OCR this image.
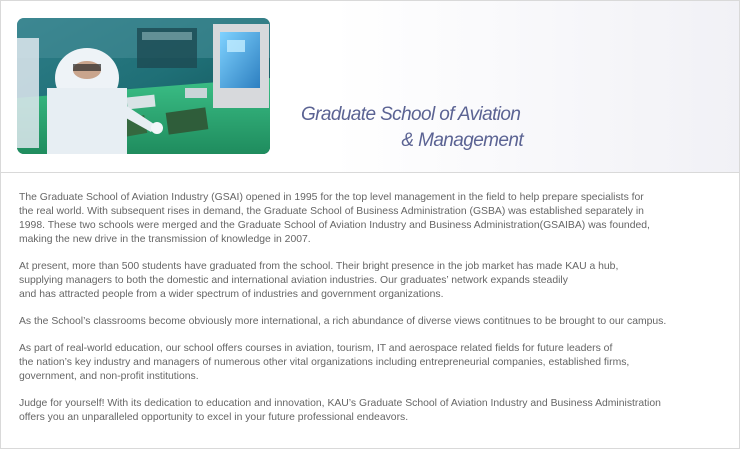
Graduate School of Aviation
& Management

The Graduate School of Aviation Industry (GSAI) opened in 1995 for the top level management in the field to help prepare specialists for
the real world. With subsequent rises in demand, the Graduate School of Business Administration (GSBA) was established separately in
1998. These two schools were merged and the Graduate School of Aviation Industry and Business Administration(GSAIBA) was founded,
making the new drive in the transmission of knowledge in 2007.

At present, more than 500 students have graduated from the school. Their bright presence in the job market has made KAU a hub,
supplying managers to both the domestic and international aviation industries. Our graduates’ network expands steadily
and has attracted people from a wider spectrum of industries and government organizations.

As the School’s classrooms become obviously more international, a rich abundance of diverse views contitnues to be brought to our campus.

As part of real-world education, our school offers courses in aviation, tourism, IT and aerospace related fields for future leaders of
the nation’s key industry and managers of numerous other vital organizations including entrepreneurial companies, established firms,
government, and non-profit institutions.

Judge for yourself! With its dedication to education and innovation, KAU’s Graduate School of Aviation Industry and Business Administration
offers you an unparalleled opportunity to excel in your future professional endeavors.
